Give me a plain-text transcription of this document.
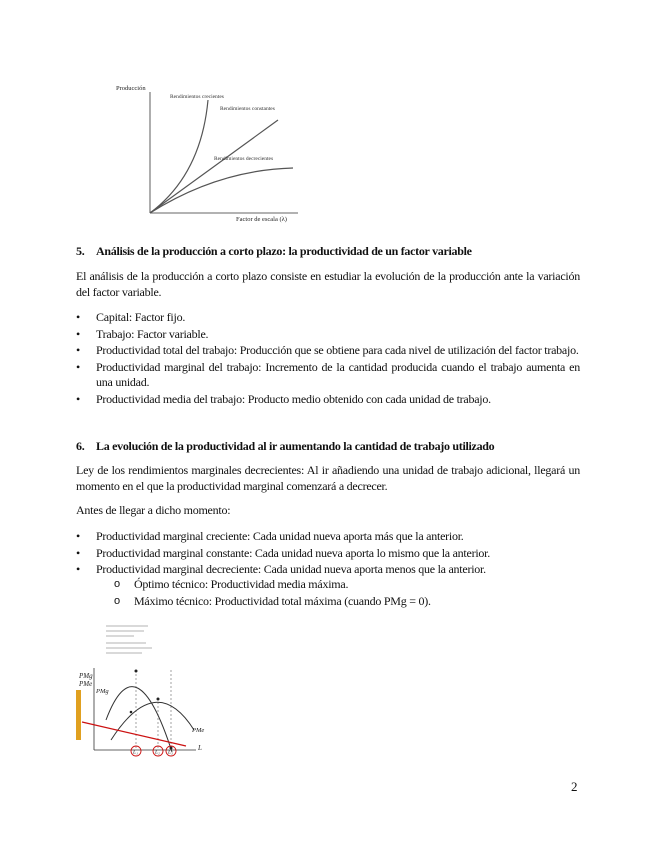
Producción
Factor de escala (λ)
Rendimientos crecientes
Rendimientos constantes
Rendimientos decrecientes
5. Análisis de la producción a corto plazo: la productividad de un factor variable

El análisis de la producción a corto plazo consiste en estudiar la evolución de la producción ante la variación del factor variable.

• Capital: Factor fijo.
• Trabajo: Factor variable.
• Productividad total del trabajo: Producción que se obtiene para cada nivel de utilización del factor trabajo.
• Productividad marginal del trabajo: Incremento de la cantidad producida cuando el trabajo aumenta en una unidad.
• Productividad media del trabajo: Producto medio obtenido con cada unidad de trabajo.
6. La evolución de la productividad al ir aumentando la cantidad de trabajo utilizado

Ley de los rendimientos marginales decrecientes: Al ir añadiendo una unidad de trabajo adicional, llegará un momento en el que la productividad marginal comenzará a decrecer.

Antes de llegar a dicho momento:

• Productividad marginal creciente: Cada unidad nueva aporta más que la anterior.
• Productividad marginal constante: Cada unidad nueva aporta lo mismo que la anterior.
• Productividad marginal decreciente: Cada unidad nueva aporta menos que la anterior.
o Óptimo técnico: Productividad media máxima.
o Máximo técnico: Productividad total máxima (cuando PMg = 0).
PMg
PMe
PMg
PMe
L
L₁	L₂ L₃
2
